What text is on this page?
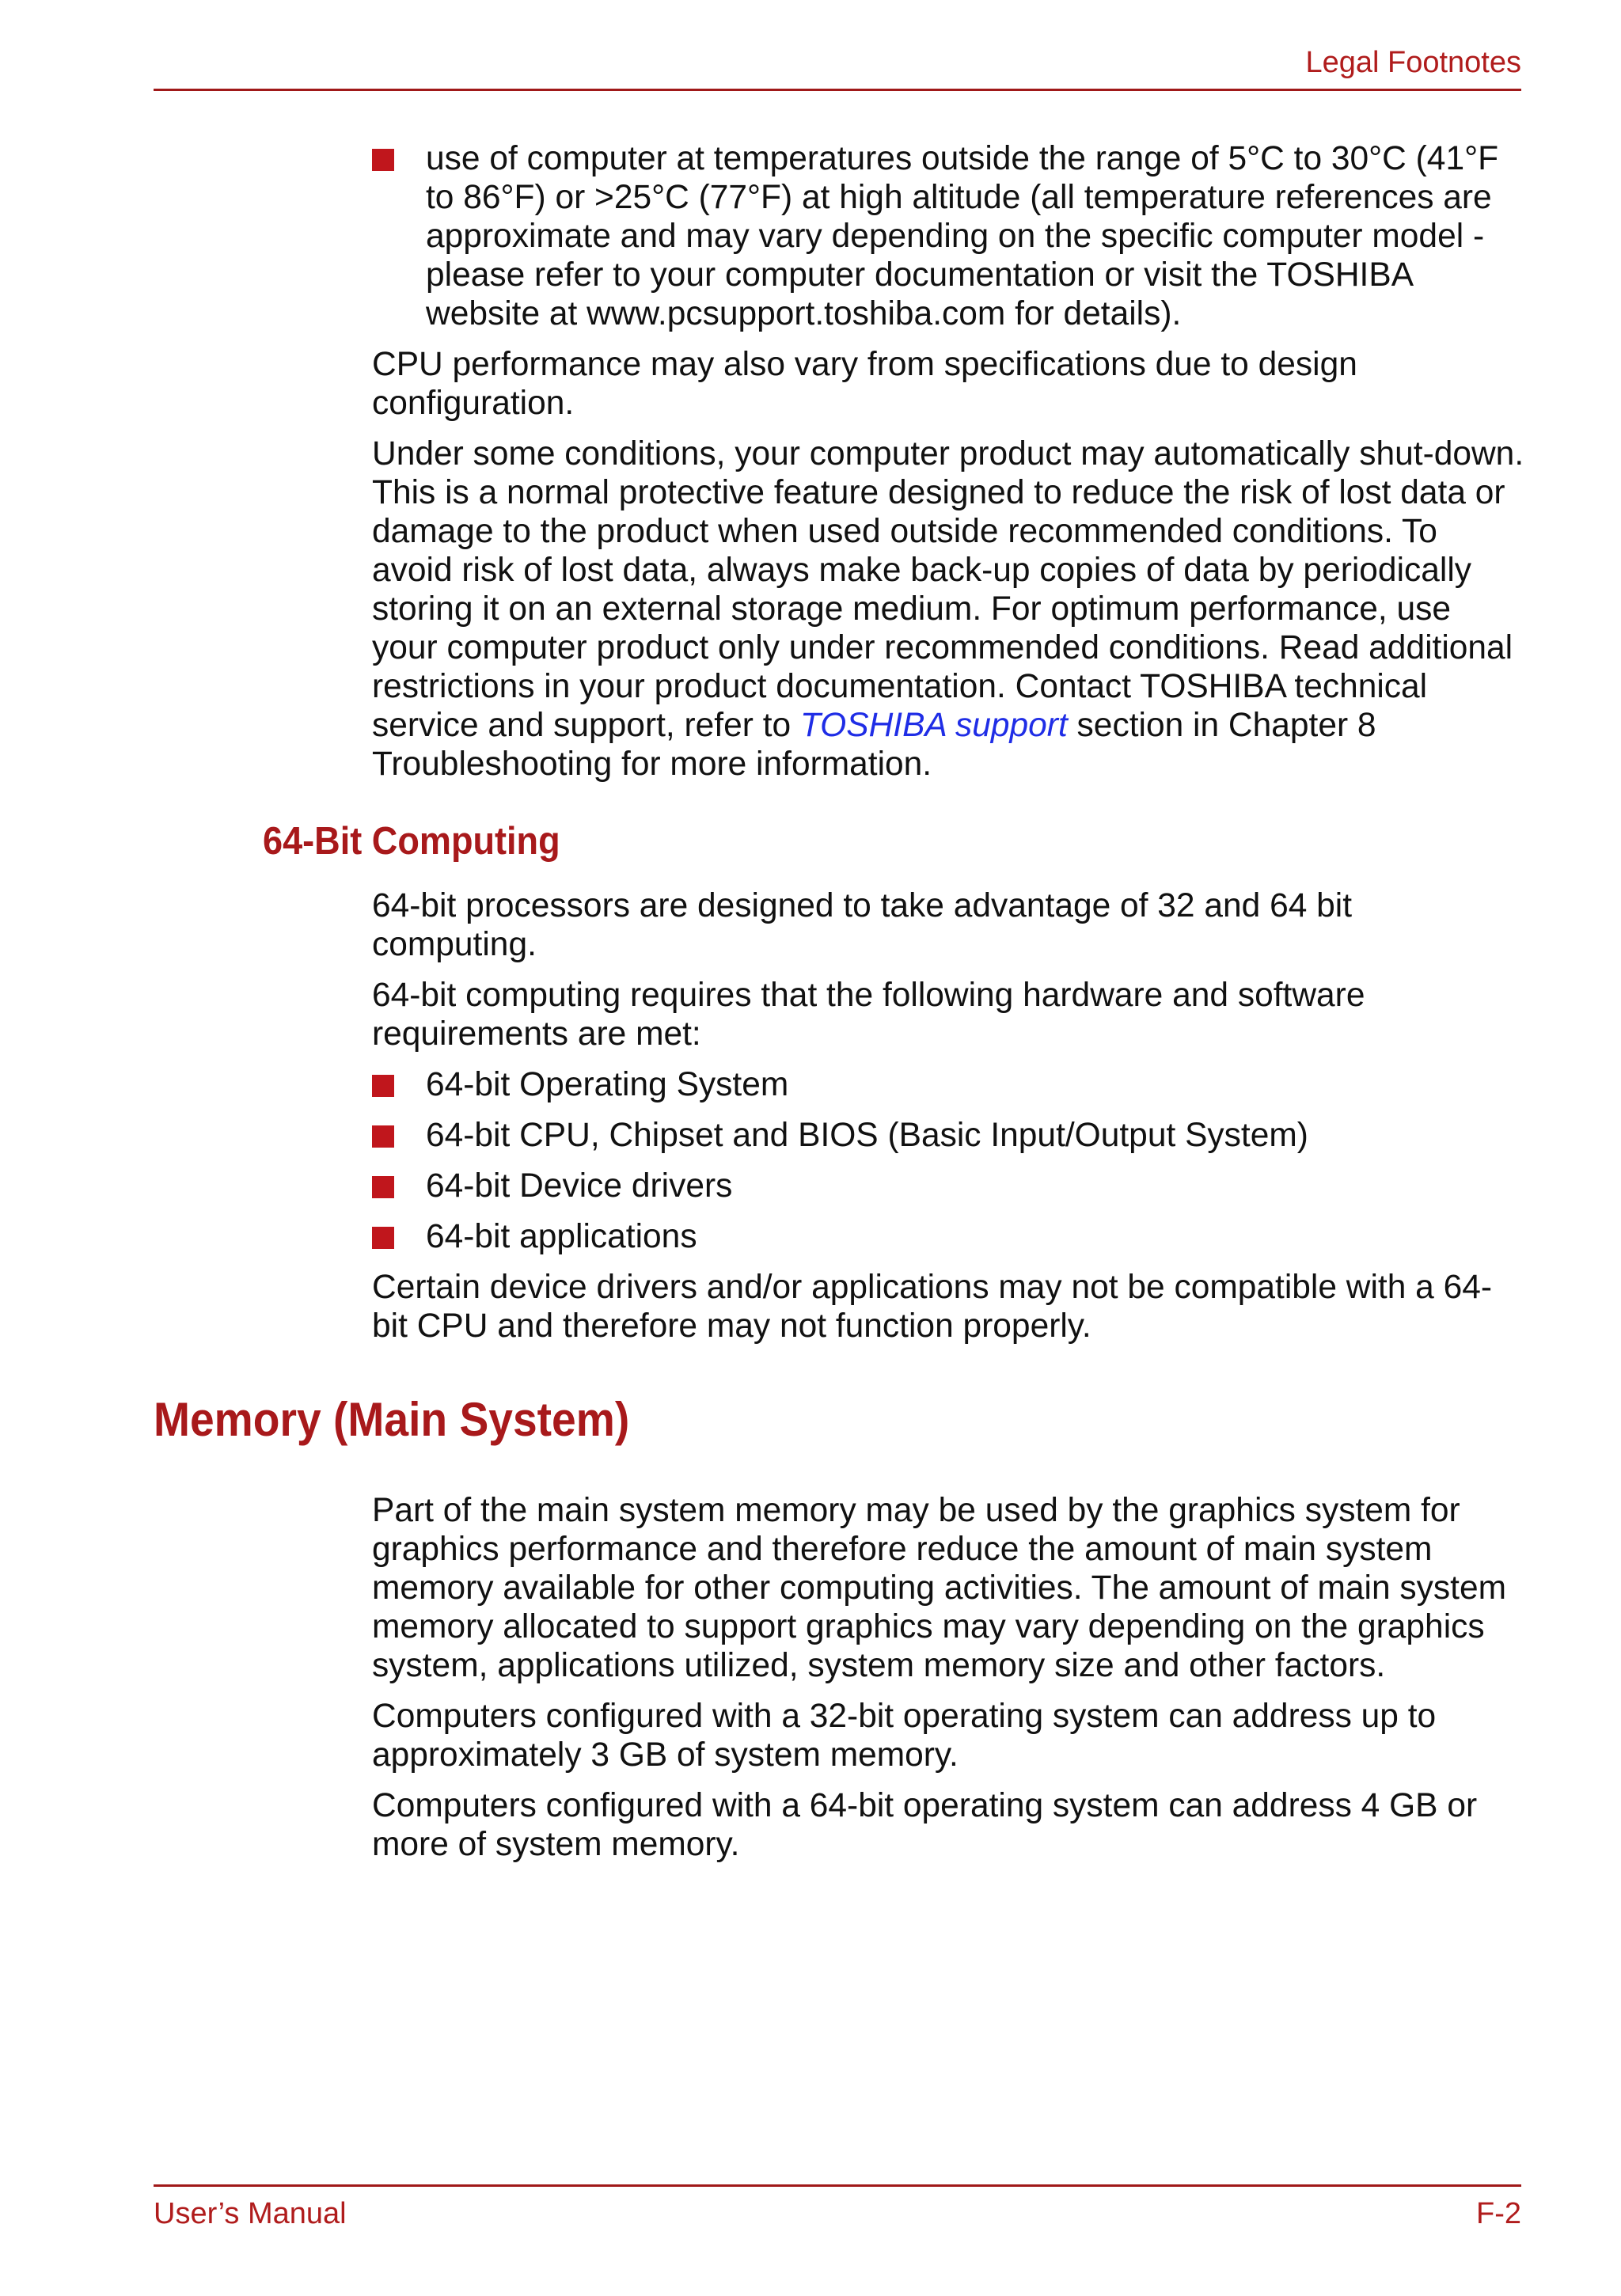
Legal Footnotes
use of computer at temperatures outside the range of 5°C to 30°C (41°F to 86°F) or >25°C (77°F) at high altitude (all temperature references are approximate and may vary depending on the specific computer model - please refer to your computer documentation or visit the TOSHIBA website at www.pcsupport.toshiba.com for details).

CPU performance may also vary from specifications due to design configuration.

Under some conditions, your computer product may automatically shut-down. This is a normal protective feature designed to reduce the risk of lost data or damage to the product when used outside recommended conditions. To avoid risk of lost data, always make back-up copies of data by periodically storing it on an external storage medium. For optimum performance, use your computer product only under recommended conditions. Read additional restrictions in your product documentation. Contact TOSHIBA technical service and support, refer to TOSHIBA support section in Chapter 8 Troubleshooting for more information.

64-Bit Computing

64-bit processors are designed to take advantage of 32 and 64 bit computing.

64-bit computing requires that the following hardware and software requirements are met:

64-bit Operating System
64-bit CPU, Chipset and BIOS (Basic Input/Output System)
64-bit Device drivers
64-bit applications

Certain device drivers and/or applications may not be compatible with a 64-bit CPU and therefore may not function properly.

Memory (Main System)

Part of the main system memory may be used by the graphics system for graphics performance and therefore reduce the amount of main system memory available for other computing activities. The amount of main system memory allocated to support graphics may vary depending on the graphics system, applications utilized, system memory size and other factors.

Computers configured with a 32-bit operating system can address up to approximately 3 GB of system memory.

Computers configured with a 64-bit operating system can address 4 GB or more of system memory.

User’s Manual	F-2
